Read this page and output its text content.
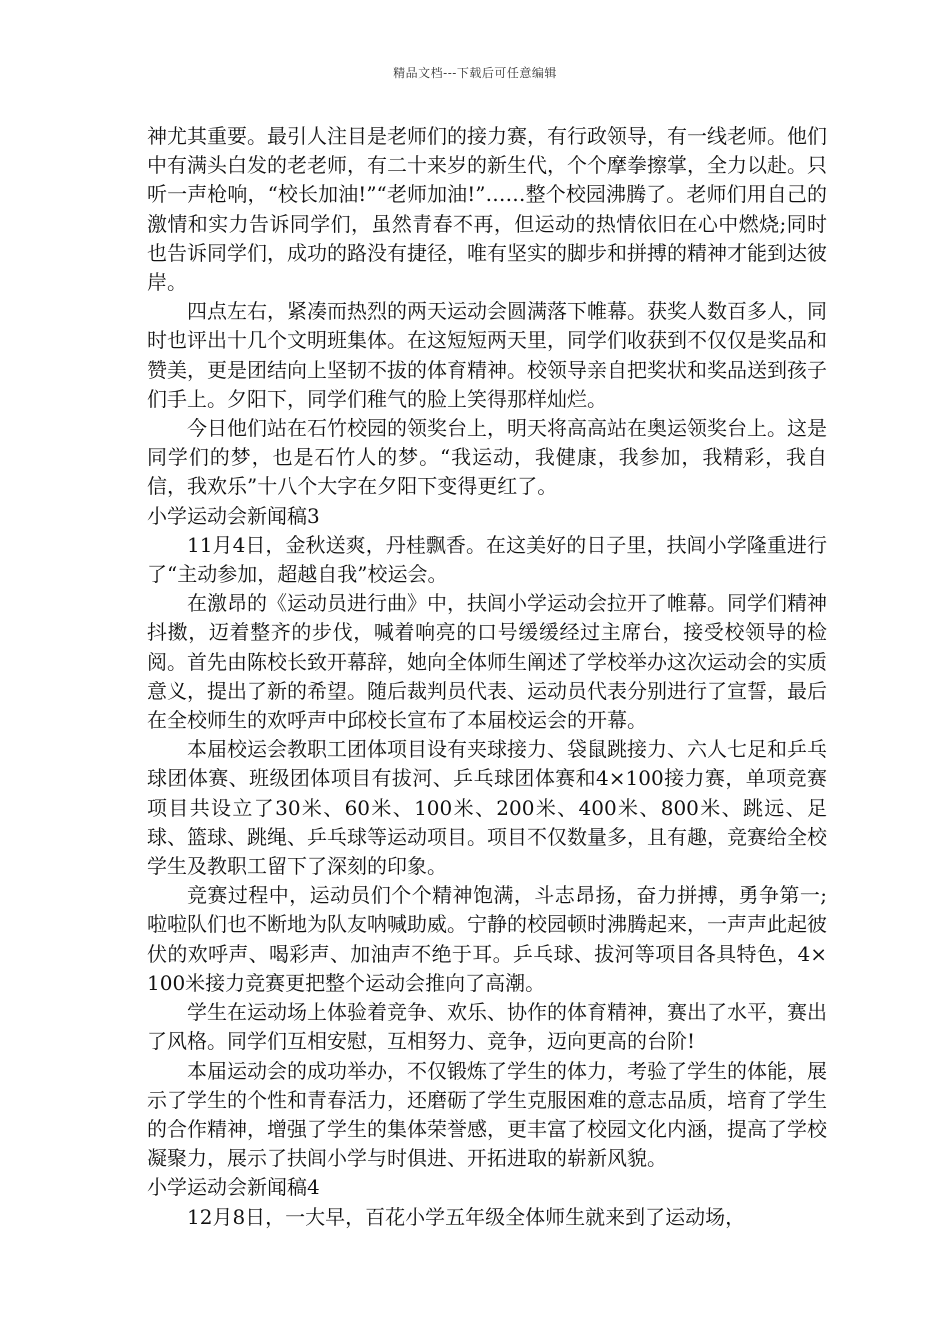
精品文档---下载后可任意编辑

神尤其重要。最引人注目是老师们的接力赛，有行政领导，有一线老师。他们中有满头白发的老老师，有二十来岁的新生代，个个摩拳擦掌，全力以赴。只听一声枪响，“校长加油!”“老师加油!”……整个校园沸腾了。老师们用自己的激情和实力告诉同学们，虽然青春不再，但运动的热情依旧在心中燃烧;同时也告诉同学们，成功的路没有捷径，唯有坚实的脚步和拼搏的精神才能到达彼岸。

四点左右，紧凑而热烈的两天运动会圆满落下帷幕。获奖人数百多人，同时也评出十几个文明班集体。在这短短两天里，同学们收获到不仅仅是奖品和赞美，更是团结向上坚韧不拔的体育精神。校领导亲自把奖状和奖品送到孩子们手上。夕阳下，同学们稚气的脸上笑得那样灿烂。

今日他们站在石竹校园的领奖台上，明天将高高站在奥运领奖台上。这是同学们的梦，也是石竹人的梦。“我运动，我健康，我参加，我精彩，我自信，我欢乐”十八个大字在夕阳下变得更红了。

小学运动会新闻稿3

11月4日，金秋送爽，丹桂飘香。在这美好的日子里，扶闾小学隆重进行了“主动参加，超越自我”校运会。

在激昂的《运动员进行曲》中，扶闾小学运动会拉开了帷幕。同学们精神抖擞，迈着整齐的步伐，喊着响亮的口号缓缓经过主席台，接受校领导的检阅。首先由陈校长致开幕辞，她向全体师生阐述了学校举办这次运动会的实质意义，提出了新的希望。随后裁判员代表、运动员代表分别进行了宣誓，最后在全校师生的欢呼声中邱校长宣布了本届校运会的开幕。

本届校运会教职工团体项目设有夹球接力、袋鼠跳接力、六人七足和乒乓球团体赛、班级团体项目有拔河、乒乓球团体赛和4×100接力赛，单项竞赛项目共设立了30米、60米、100米、200米、400米、800米、跳远、足球、篮球、跳绳、乒乓球等运动项目。项目不仅数量多，且有趣，竞赛给全校学生及教职工留下了深刻的印象。

竞赛过程中，运动员们个个精神饱满，斗志昂扬，奋力拼搏，勇争第一;啦啦队们也不断地为队友呐喊助威。宁静的校园顿时沸腾起来，一声声此起彼伏的欢呼声、喝彩声、加油声不绝于耳。乒乓球、拔河等项目各具特色，4×100米接力竞赛更把整个运动会推向了高潮。

学生在运动场上体验着竞争、欢乐、协作的体育精神，赛出了水平，赛出了风格。同学们互相安慰，互相努力、竞争，迈向更高的台阶!

本届运动会的成功举办，不仅锻炼了学生的体力，考验了学生的体能，展示了学生的个性和青春活力，还磨砺了学生克服困难的意志品质，培育了学生的合作精神，增强了学生的集体荣誉感，更丰富了校园文化内涵，提高了学校凝聚力，展示了扶闾小学与时俱进、开拓进取的崭新风貌。

小学运动会新闻稿4

12月8日，一大早，百花小学五年级全体师生就来到了运动场，
